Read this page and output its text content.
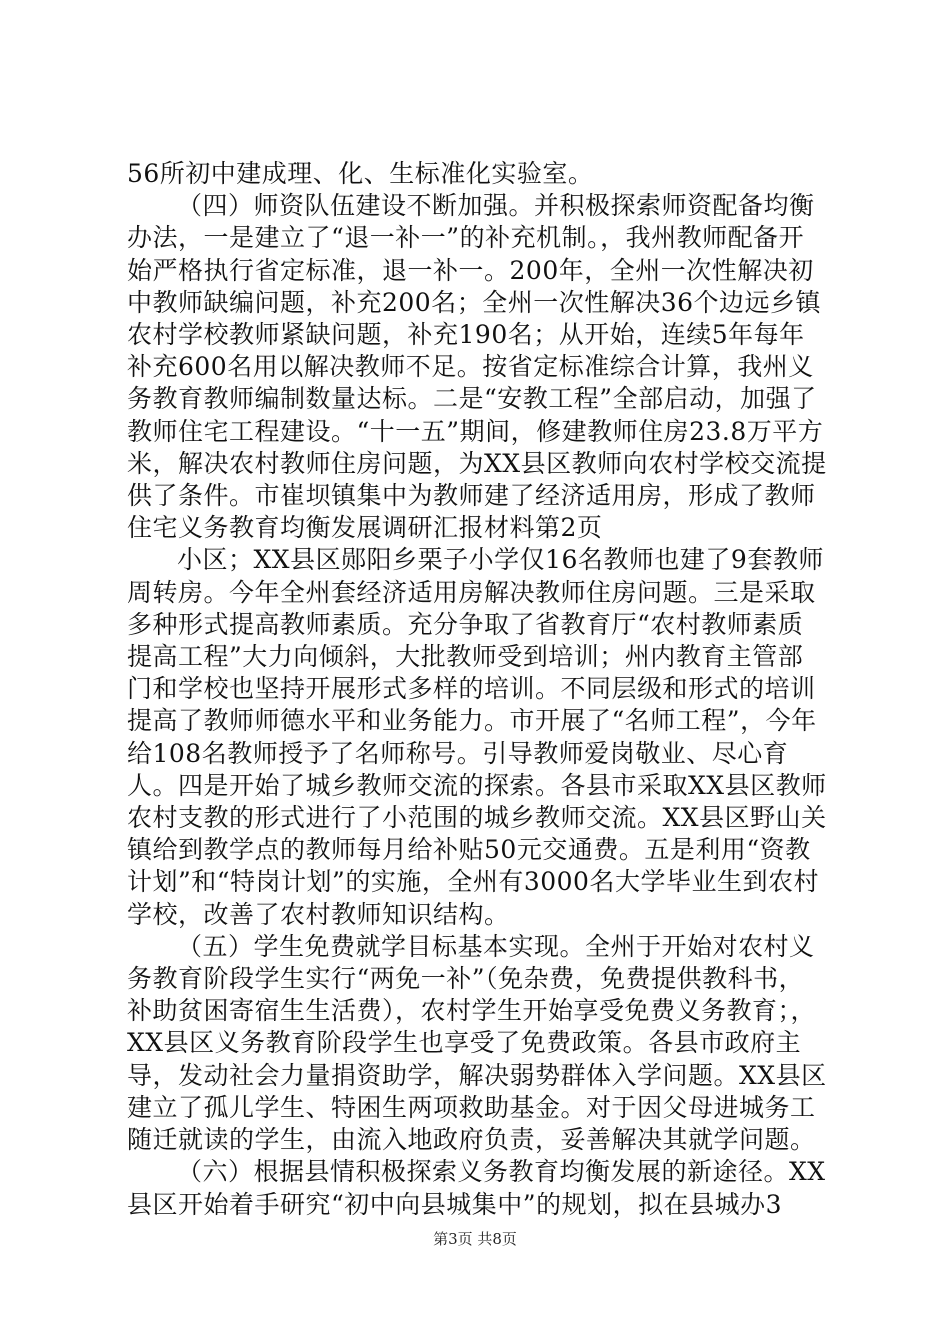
56所初中建成理、化、生标准化实验室。

（四）师资队伍建设不断加强。并积极探索师资配备均衡办法，一是建立了“退一补一”的补充机制。，我州教师配备开始严格执行省定标准，退一补一。200年，全州一次性解决初中教师缺编问题，补充200名；全州一次性解决36个边远乡镇农村学校教师紧缺问题，补充190名；从开始，连续5年每年补充600名用以解决教师不足。按省定标准综合计算，我州义务教育教师编制数量达标。二是“安教工程”全部启动，加强了教师住宅工程建设。“十一五”期间，修建教师住房23.8万平方米，解决农村教师住房问题，为XX县区教师向农村学校交流提供了条件。市崔坝镇集中为教师建了经济适用房，形成了教师住宅义务教育均衡发展调研汇报材料第2页

小区；XX县区郧阳乡栗子小学仅16名教师也建了9套教师周转房。今年全州套经济适用房解决教师住房问题。三是采取多种形式提高教师素质。充分争取了省教育厅“农村教师素质提高工程”大力向倾斜，大批教师受到培训；州内教育主管部门和学校也坚持开展形式多样的培训。不同层级和形式的培训提高了教师师德水平和业务能力。市开展了“名师工程”，今年给108名教师授予了名师称号。引导教师爱岗敬业、尽心育人。四是开始了城乡教师交流的探索。各县市采取XX县区教师农村支教的形式进行了小范围的城乡教师交流。XX县区野山关镇给到教学点的教师每月给补贴50元交通费。五是利用“资教计划”和“特岗计划”的实施，全州有3000名大学毕业生到农村学校，改善了农村教师知识结构。

（五）学生免费就学目标基本实现。全州于开始对农村义务教育阶段学生实行“两免一补”（免杂费，免费提供教科书，补助贫困寄宿生生活费），农村学生开始享受免费义务教育；，XX县区义务教育阶段学生也享受了免费政策。各县市政府主导，发动社会力量捐资助学，解决弱势群体入学问题。XX县区建立了孤儿学生、特困生两项救助基金。对于因父母进城务工随迁就读的学生，由流入地政府负责，妥善解决其就学问题。

（六）根据县情积极探索义务教育均衡发展的新途径。XX县区开始着手研究“初中向县城集中”的规划，拟在县城办3

第3页 共8页
